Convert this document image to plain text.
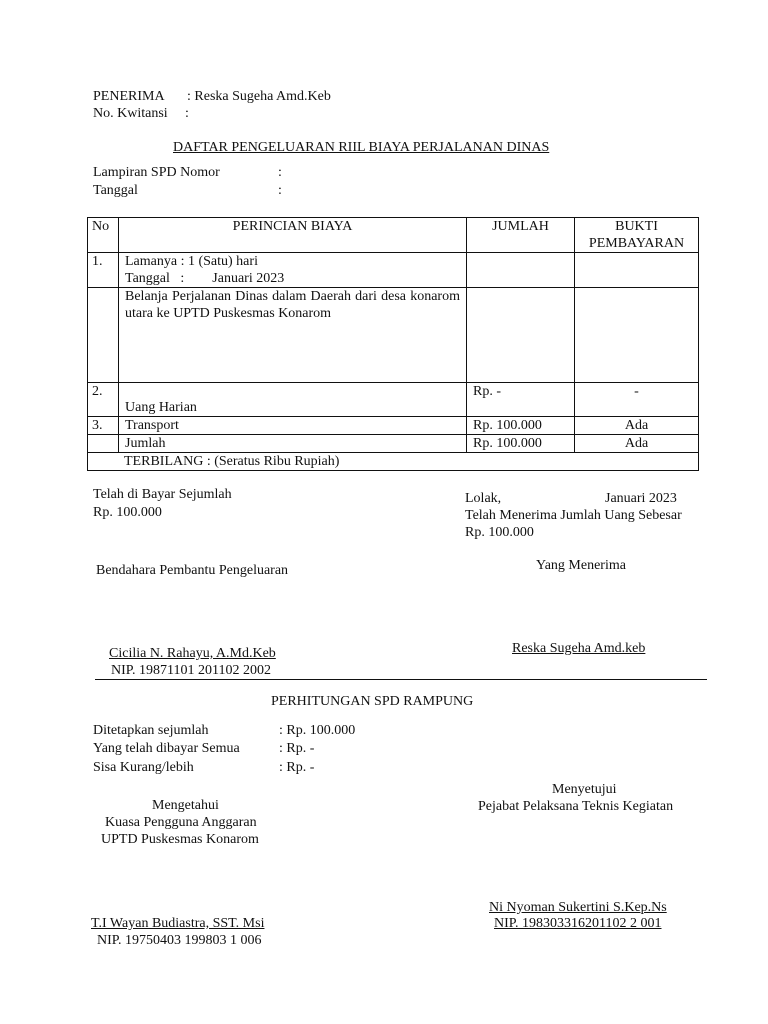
PENERIMA : Reska Sugeha Amd.Keb
No. Kwitansi :
DAFTAR PENGELUARAN RIIL BIAYA PERJALANAN DINAS
Lampiran SPD Nomor	:
Tanggal	:
No	PERINCIAN BIAYA	JUMLAH	BUKTI PEMBAYARAN
1.	Lamanya : 1 (Satu) hari
Tanggal   :        Januari 2023		

	Belanja Perjalanan Dinas dalam Daerah dari desa konarom utara ke UPTD Puskesmas Konarom		
2.	Uang Harian	Rp. -	-
3.	Transport	Rp. 100.000	Ada
	Jumlah	Rp. 100.000	Ada
TERBILANG : (Seratus Ribu Rupiah)			
Telah di Bayar Sejumlah
Rp. 100.000
Lolak,	Januari 2023
Telah Menerima Jumlah Uang Sebesar
Rp. 100.000
Bendahara Pembantu Pengeluaran	Yang Menerima
Cicilia N. Rahayu, A.Md.Keb
NIP. 19871101 201102 2002
Reska Sugeha Amd.keb
PERHITUNGAN SPD RAMPUNG
Ditetapkan sejumlah	: Rp. 100.000
Yang telah dibayar Semua	: Rp. -
Sisa Kurang/lebih	: Rp. -
Menyetujui
Pejabat Pelaksana Teknis Kegiatan
Mengetahui
Kuasa Pengguna Anggaran
UPTD Puskesmas Konarom
Ni Nyoman Sukertini S.Kep.Ns
NIP. 198303316201102 2 001
T.I Wayan Budiastra, SST. Msi
NIP. 19750403 199803 1 006
